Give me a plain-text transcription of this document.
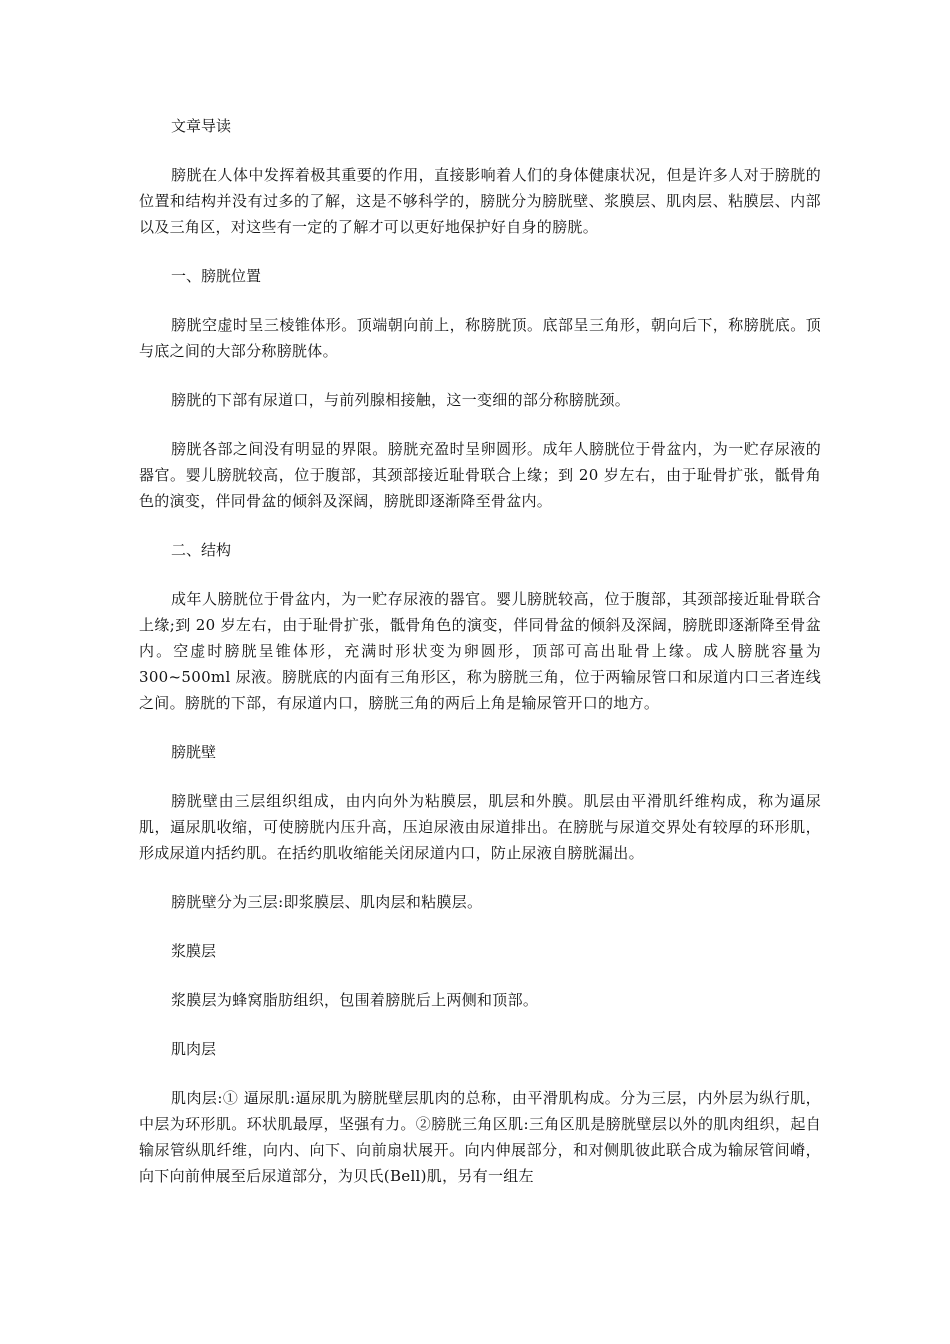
文章导读
膀胱在人体中发挥着极其重要的作用，直接影响着人们的身体健康状况，但是许多人对于膀胱的位置和结构并没有过多的了解，这是不够科学的，膀胱分为膀胱壁、浆膜层、肌肉层、粘膜层、内部以及三角区，对这些有一定的了解才可以更好地保护好自身的膀胱。
一、膀胱位置
膀胱空虚时呈三棱锥体形。顶端朝向前上，称膀胱顶。底部呈三角形，朝向后下，称膀胱底。顶与底之间的大部分称膀胱体。
膀胱的下部有尿道口，与前列腺相接触，这一变细的部分称膀胱颈。
膀胱各部之间没有明显的界限。膀胱充盈时呈卵圆形。成年人膀胱位于骨盆内，为一贮存尿液的器官。婴儿膀胱较高，位于腹部，其颈部接近耻骨联合上缘；到 20 岁左右，由于耻骨扩张，骶骨角色的演变，伴同骨盆的倾斜及深阔，膀胱即逐渐降至骨盆内。
二、结构
成年人膀胱位于骨盆内，为一贮存尿液的器官。婴儿膀胱较高，位于腹部，其颈部接近耻骨联合上缘;到 20 岁左右，由于耻骨扩张，骶骨角色的演变，伴同骨盆的倾斜及深阔，膀胱即逐渐降至骨盆内。空虚时膀胱呈锥体形，充满时形状变为卵圆形，顶部可高出耻骨上缘。成人膀胱容量为 300~500ml 尿液。膀胱底的内面有三角形区，称为膀胱三角，位于两输尿管口和尿道内口三者连线之间。膀胱的下部，有尿道内口，膀胱三角的两后上角是输尿管开口的地方。
膀胱壁
膀胱壁由三层组织组成，由内向外为粘膜层，肌层和外膜。肌层由平滑肌纤维构成，称为逼尿肌，逼尿肌收缩，可使膀胱内压升高，压迫尿液由尿道排出。在膀胱与尿道交界处有较厚的环形肌，形成尿道内括约肌。在括约肌收缩能关闭尿道内口，防止尿液自膀胱漏出。
膀胱壁分为三层:即浆膜层、肌肉层和粘膜层。
浆膜层
浆膜层为蜂窝脂肪组织，包围着膀胱后上两侧和顶部。
肌肉层
肌肉层:① 逼尿肌:逼尿肌为膀胱壁层肌肉的总称，由平滑肌构成。分为三层，内外层为纵行肌，中层为环形肌。环状肌最厚，坚强有力。②膀胱三角区肌:三角区肌是膀胱壁层以外的肌肉组织，起自输尿管纵肌纤维，向内、向下、向前扇状展开。向内伸展部分，和对侧肌彼此联合成为输尿管间嵴，向下向前伸展至后尿道部分，为贝氏(Bell)肌，另有一组左
